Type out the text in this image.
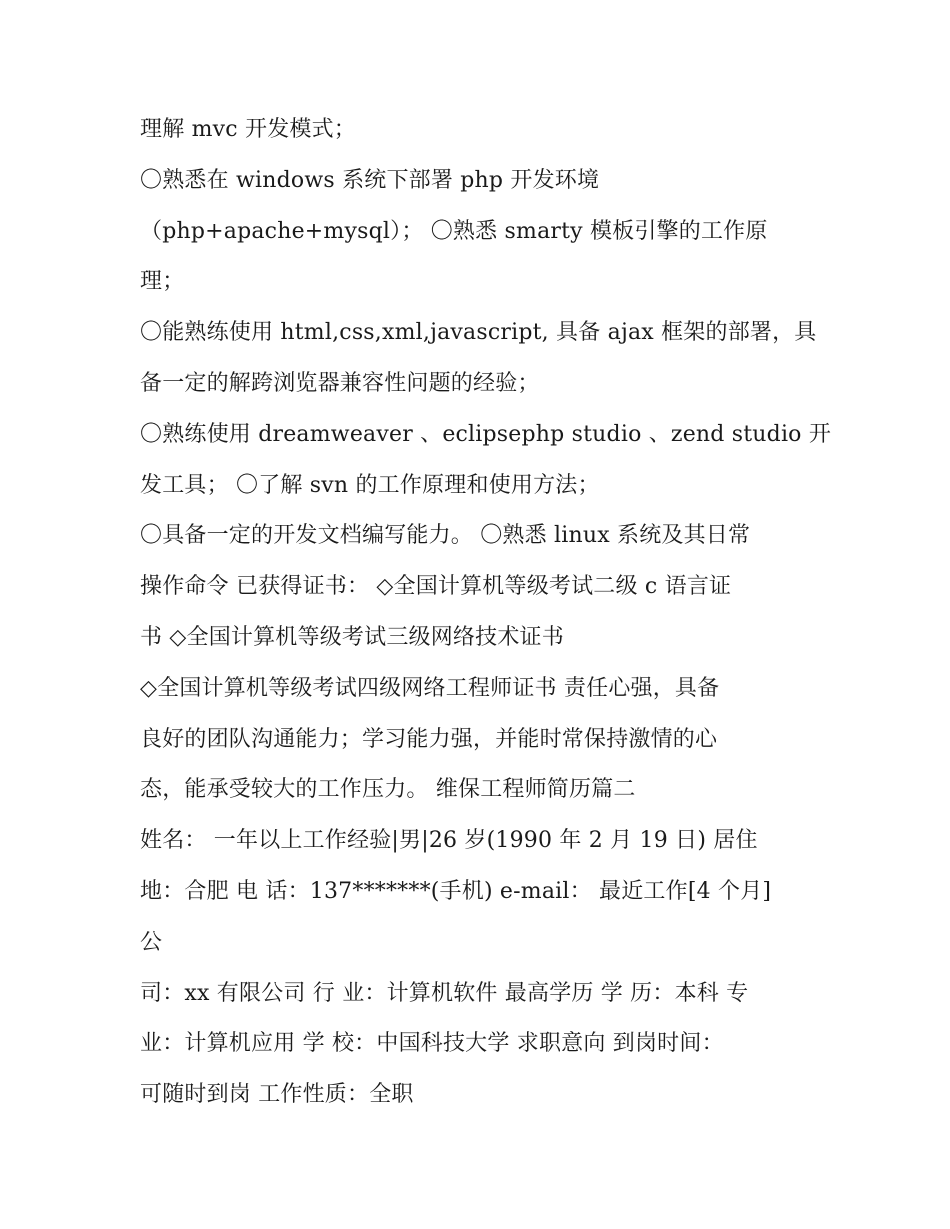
理解 mvc 开发模式；
〇熟悉在 windows 系统下部署 php 开发环境
（php+apache+mysql）； 〇熟悉 smarty 模板引擎的工作原
理；
〇能熟练使用 html,css,xml,javascript, 具备 ajax 框架的部署，具
备一定的解跨浏览器兼容性问题的经验；
〇熟练使用 dreamweaver 、eclipsephp studio 、zend studio 开
发工具； 〇了解 svn 的工作原理和使用方法；
〇具备一定的开发文档编写能力。 〇熟悉 linux 系统及其日常
操作命令 已获得证书： ◇全国计算机等级考试二级 c 语言证
书 ◇全国计算机等级考试三级网络技术证书
◇全国计算机等级考试四级网络工程师证书 责任心强，具备
良好的团队沟通能力；学习能力强，并能时常保持激情的心
态，能承受较大的工作压力。 维保工程师简历篇二
姓名： 一年以上工作经验|男|26 岁(1990 年 2 月 19 日) 居住
地：合肥 电 话：137*******(手机) e-mail： 最近工作[4 个月]
公
司：xx 有限公司 行 业：计算机软件 最高学历 学 历：本科 专
业：计算机应用 学 校：中国科技大学 求职意向 到岗时间：
可随时到岗 工作性质：全职
